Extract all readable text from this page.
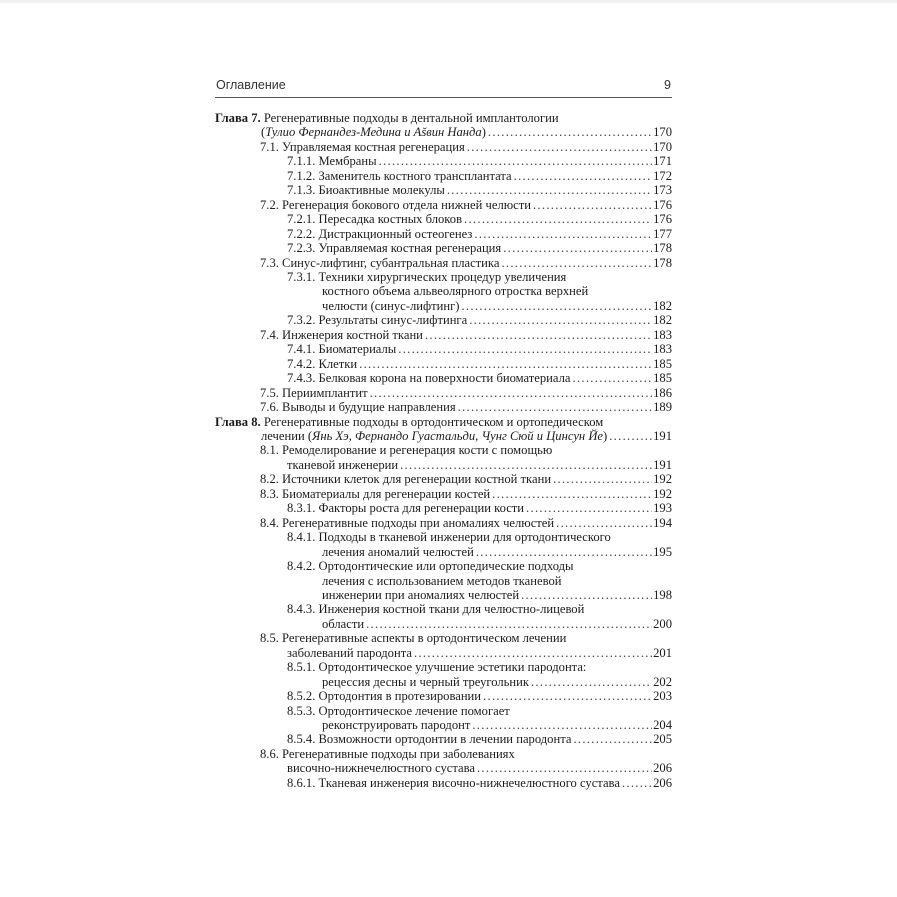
Оглавление	9
Глава 7. Регенеративные подходы в дентальной имплантологии
(Тулио Фернандез-Медина и Аšвин Нанда) .....	170
7.1. Управляемая костная регенерация .....	170
7.1.1. Мембраны .....	171
7.1.2. Заменитель костного трансплантата .....	172
7.1.3. Биоактивные молекулы .....	173
7.2. Регенерация бокового отдела нижней челюсти .....	176
7.2.1. Пересадка костных блоков .....	176
7.2.2. Дистракционный остеогенез .....	177
7.2.3. Управляемая костная регенерация .....	178
7.3. Синус-лифтинг, субантральная пластика .....	178
7.3.1. Техники хирургических процедур увеличения
костного объема альвеолярного отростка верхней
челюсти (синус-лифтинг) .....	182
7.3.2. Результаты синус-лифтинга .....	182
7.4. Инженерия костной ткани .....	183
7.4.1. Биоматериалы .....	183
7.4.2. Клетки .....	185
7.4.3. Белковая корона на поверхности биоматериала .....	185
7.5. Периимплантит .....	186
7.6. Выводы и будущие направления .....	189
Глава 8. Регенеративные подходы в ортодонтическом и ортопедическом
лечении (Янь Хэ, Фернандо Гуастальди, Чунг Сюй и Цинсун Йе) .....	191
8.1. Ремоделирование и регенерация кости с помощью
тканевой инженерии .....	191
8.2. Источники клеток для регенерации костной ткани .....	192
8.3. Биоматериалы для регенерации костей .....	192
8.3.1. Факторы роста для регенерации кости .....	193
8.4. Регенеративные подходы при аномалиях челюстей .....	194
8.4.1. Подходы в тканевой инженерии для ортодонтического
лечения аномалий челюстей .....	195
8.4.2. Ортодонтические или ортопедические подходы
лечения с использованием методов тканевой
инженерии при аномалиях челюстей .....	198
8.4.3. Инженерия костной ткани для челюстно-лицевой
области .....	200
8.5. Регенеративные аспекты в ортодонтическом лечении
заболеваний пародонта .....	201
8.5.1. Ортодонтическое улучшение эстетики пародонта:
рецессия десны и черный треугольник .....	202
8.5.2. Ортодонтия в протезировании .....	203
8.5.3. Ортодонтическое лечение помогает
реконструировать пародонт .....	204
8.5.4. Возможности ортодонтии в лечении пародонта .....	205
8.6. Регенеративные подходы при заболеваниях
височно-нижнечелюстного сустава .....	206
8.6.1. Тканевая инженерия височно-нижнечелюстного сустава .....	206
